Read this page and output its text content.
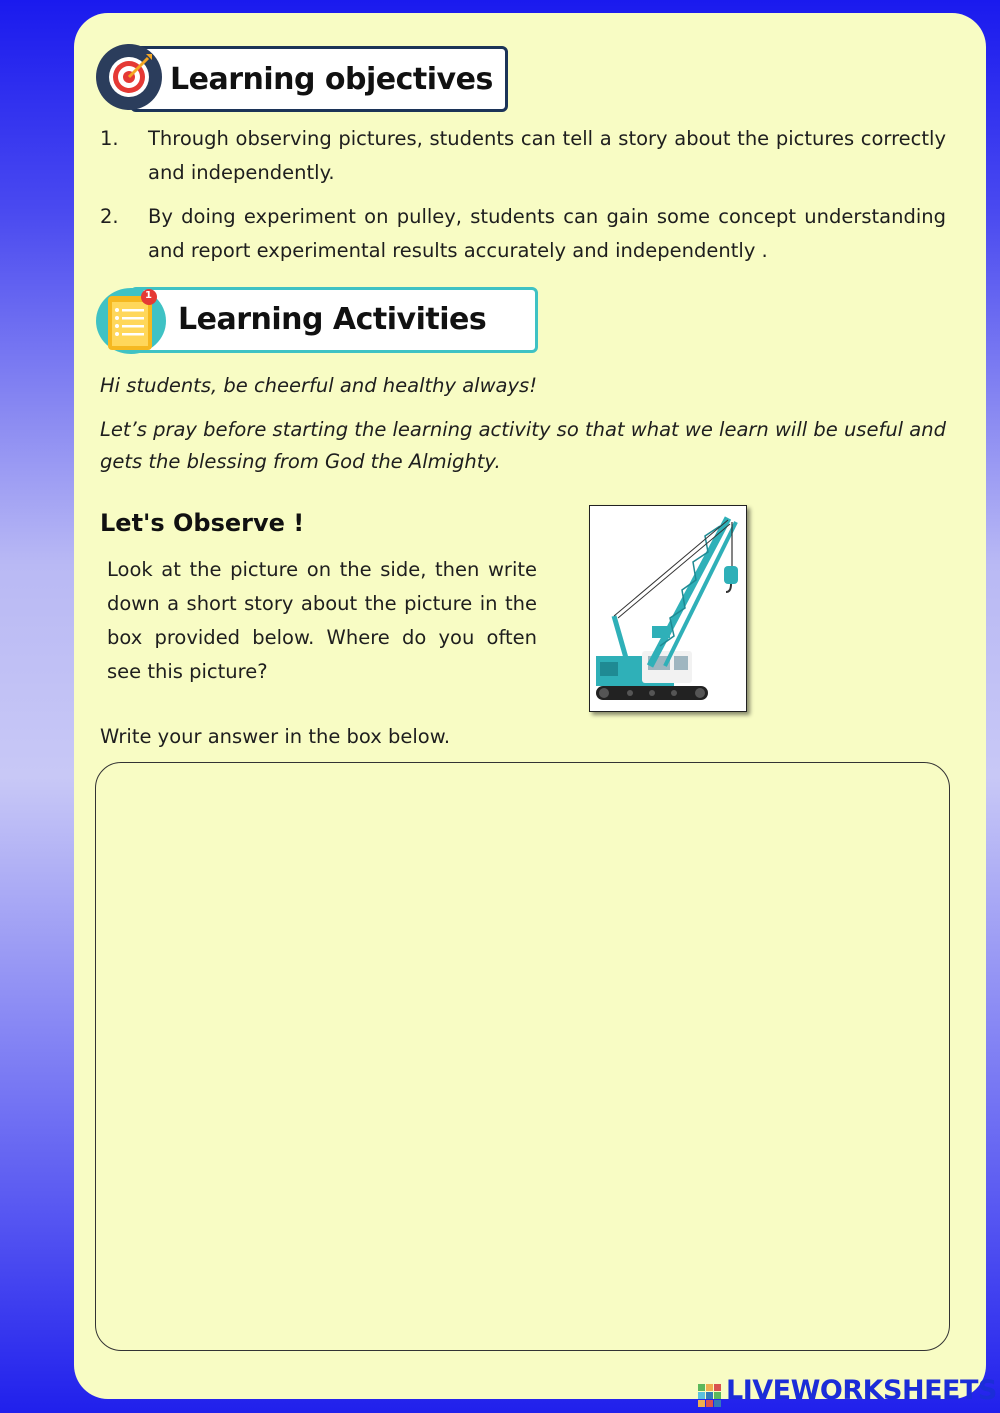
Learning objectives
1. Through observing pictures, students can tell a story about the pictures correctly and independently.
2. By doing experiment on pulley, students can gain some concept understanding and report experimental results accurately and independently .
1
Learning Activities
Hi students, be cheerful and healthy always!
Let’s pray before starting the learning activity so that what we learn will be useful and gets the blessing from God the Almighty.
Let's Observe !
Look at the picture on the side, then write down a short story about the picture in the box provided below. Where do you often see this picture?
Write your answer in the box below.
LIVEWORKSHEETS
